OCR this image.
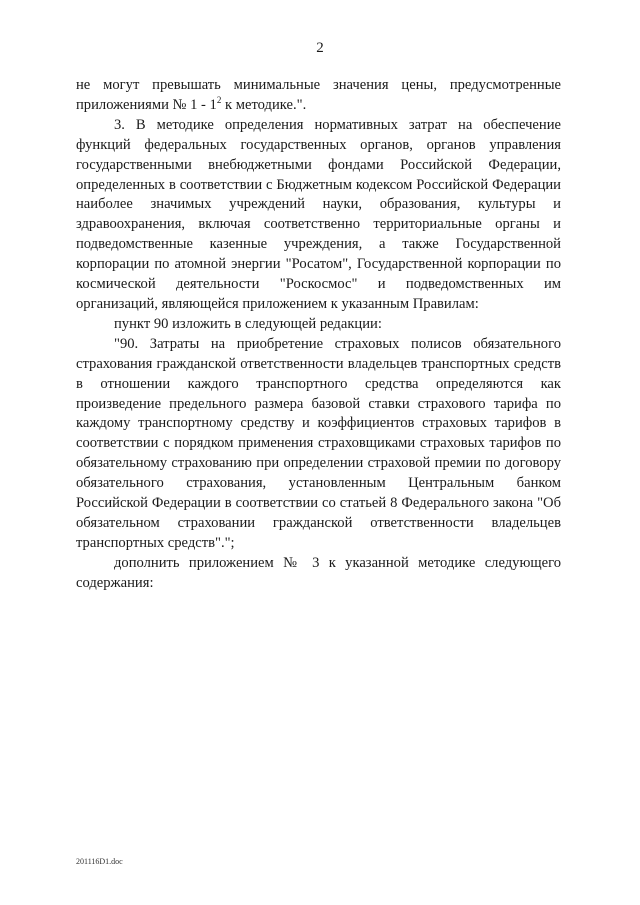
2

не могут превышать минимальные значения цены, предусмотренные приложениями № $1 - 1^2$ к методике.".

3. В методике определения нормативных затрат на обеспечение функций федеральных государственных органов, органов управления государственными внебюджетными фондами Российской Федерации, определенных в соответствии с Бюджетным кодексом Российской Федерации наиболее значимых учреждений науки, образования, культуры и здравоохранения, включая соответственно территориальные органы и подведомственные казенные учреждения, а также Государственной корпорации по атомной энергии "Росатом", Государственной корпорации по космической деятельности "Роскосмос" и подведомственных им организаций, являющейся приложением к указанным Правилам:

пункт 90 изложить в следующей редакции:

"90. Затраты на приобретение страховых полисов обязательного страхования гражданской ответственности владельцев транспортных средств в отношении каждого транспортного средства определяются как произведение предельного размера базовой ставки страхового тарифа по каждому транспортному средству и коэффициентов страховых тарифов в соответствии с порядком применения страховщиками страховых тарифов по обязательному страхованию при определении страховой премии по договору обязательного страхования, установленным Центральным банком Российской Федерации в соответствии со статьей 8 Федерального закона "Об обязательном страховании гражданской ответственности владельцев транспортных средств".";

дополнить приложением № 3 к указанной методике следующего содержания:

201116D1.doc
